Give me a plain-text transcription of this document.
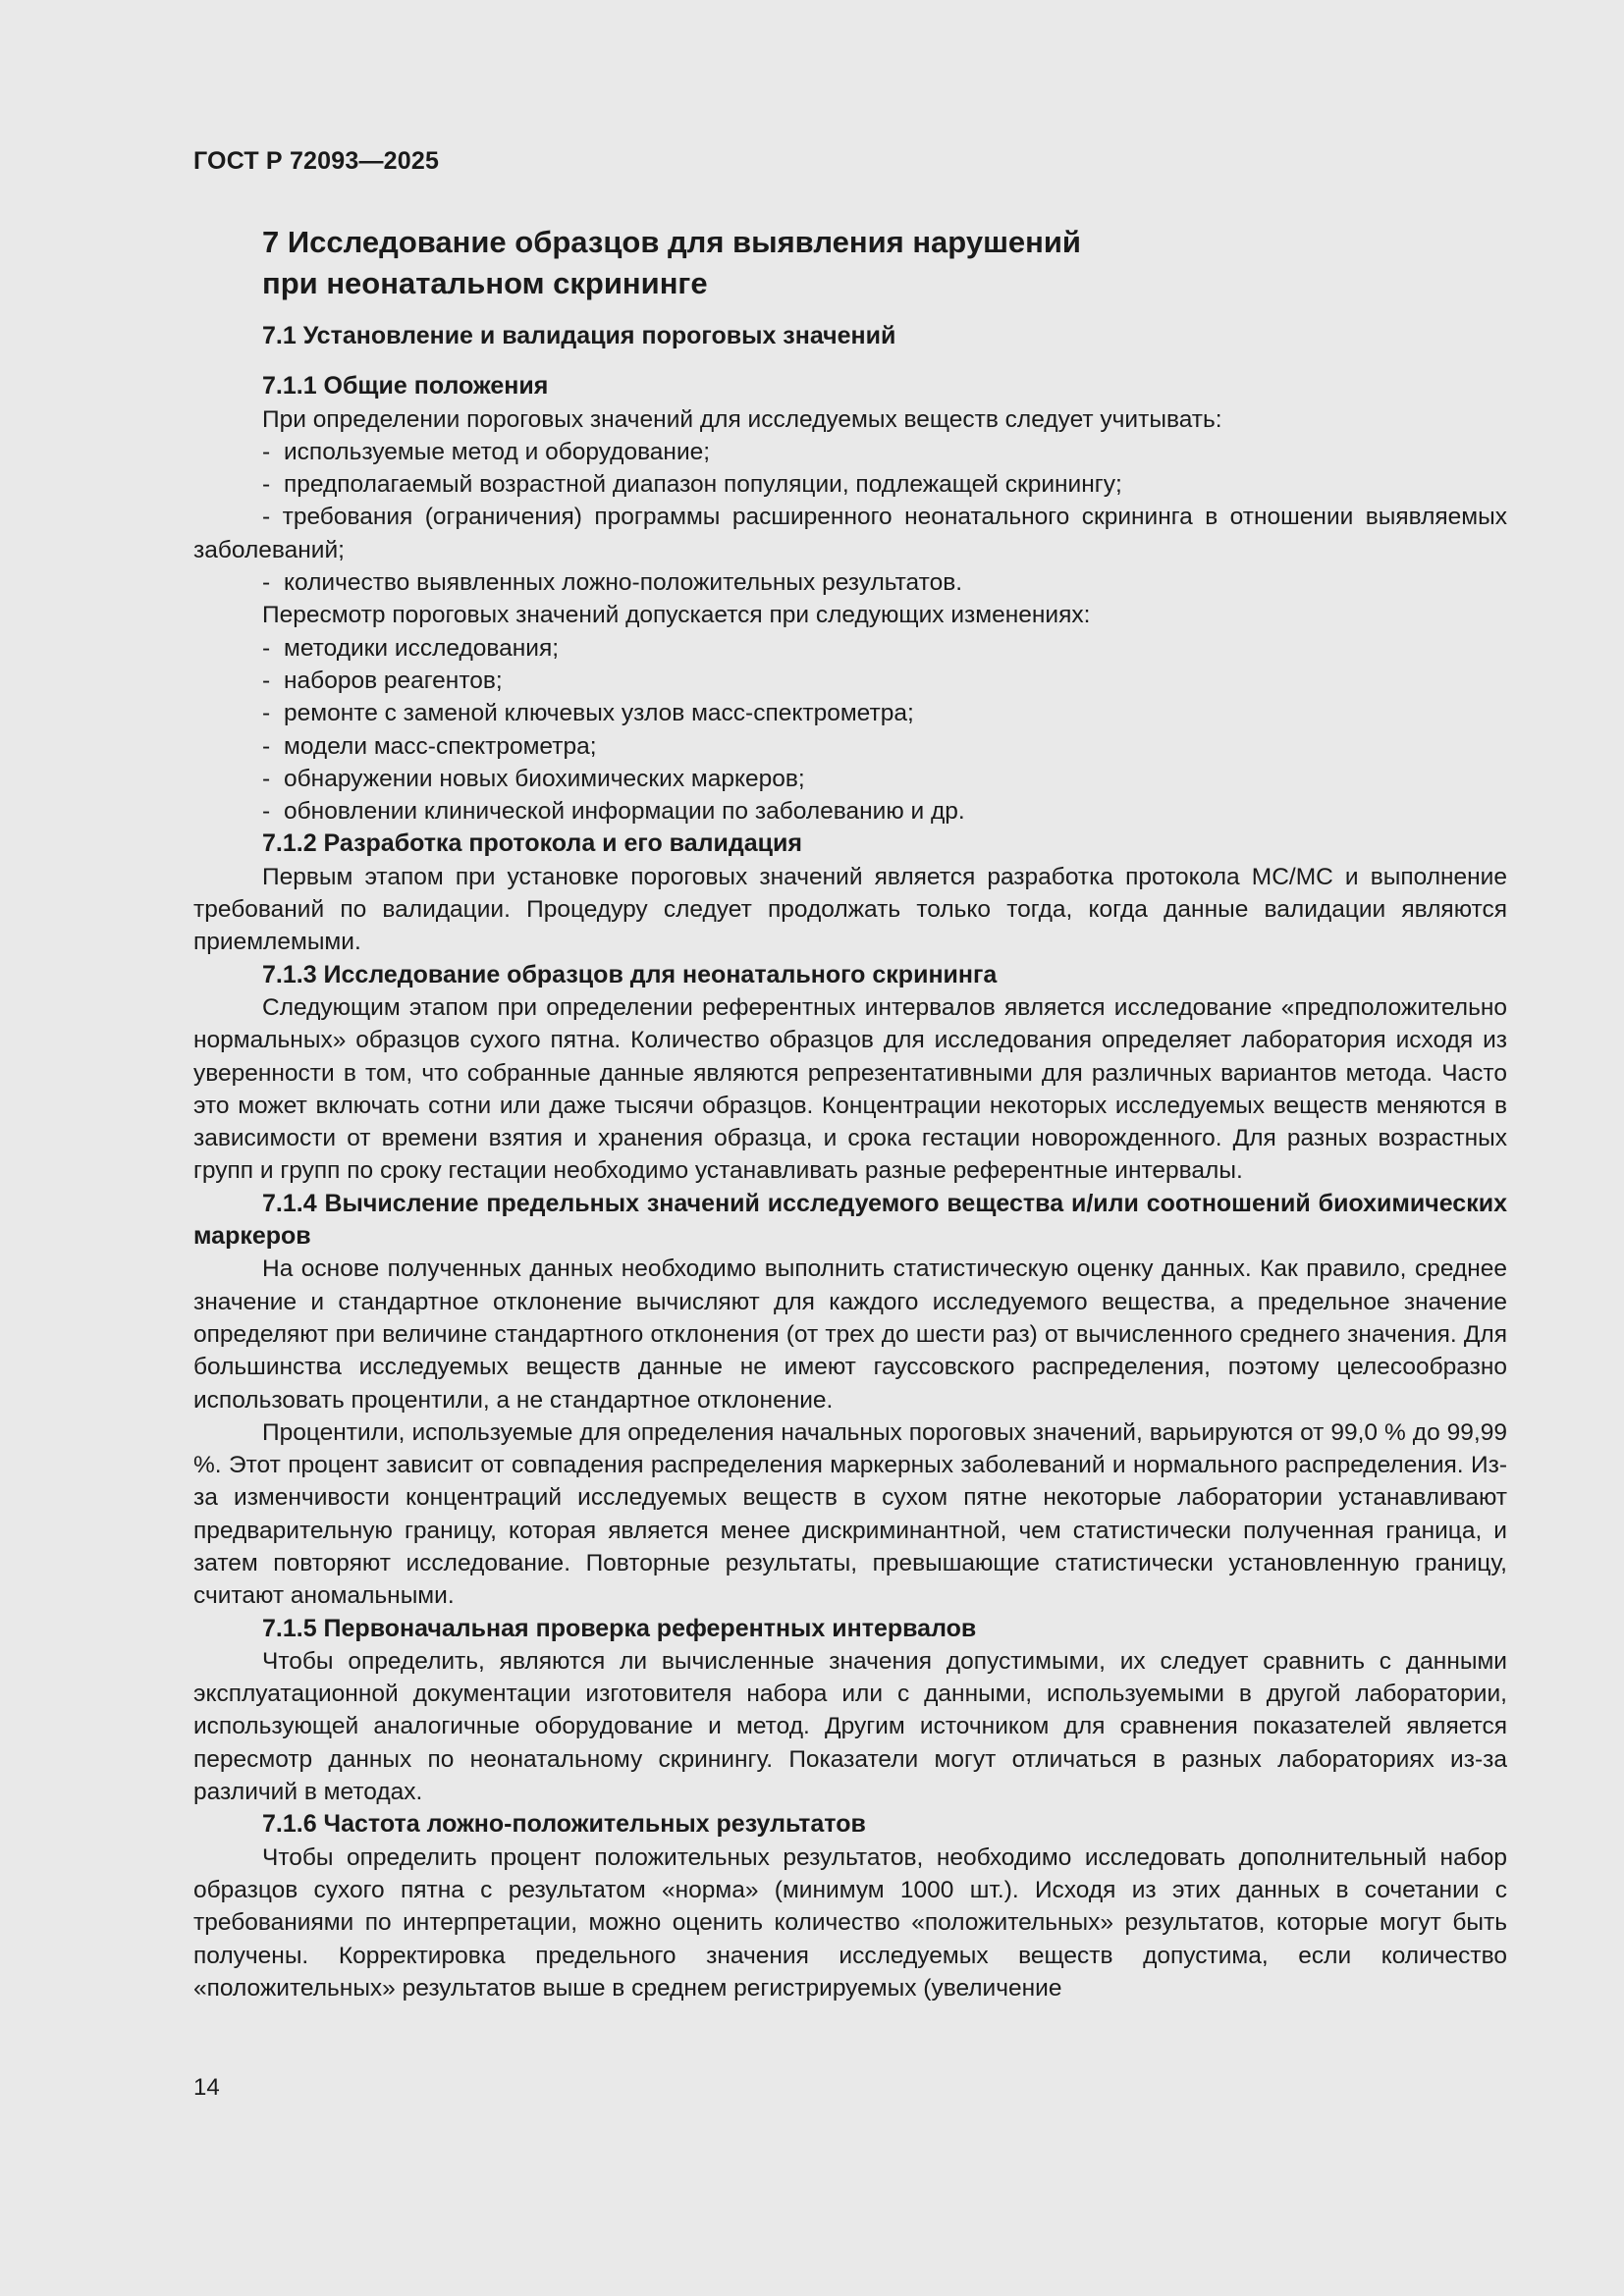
ГОСТ Р 72093—2025
7 Исследование образцов для выявления нарушений
при неонатальном скрининге
7.1 Установление и валидация пороговых значений
7.1.1 Общие положения

При определении пороговых значений для исследуемых веществ следует учитывать:

- используемые метод и оборудование;
- предполагаемый возрастной диапазон популяции, подлежащей скринингу;

- требования (ограничения) программы расширенного неонатального скрининга в отношении выявляемых заболеваний;

- количество выявленных ложно-положительных результатов.

Пересмотр пороговых значений допускается при следующих изменениях:

- методики исследования;
- наборов реагентов;
- ремонте с заменой ключевых узлов масс-спектрометра;
- модели масс-спектрометра;
- обнаружении новых биохимических маркеров;
- обновлении клинической информации по заболеванию и др.
7.1.2 Разработка протокола и его валидация

Первым этапом при установке пороговых значений является разработка протокола МС/МС и выполнение требований по валидации. Процедуру следует продолжать только тогда, когда данные валидации являются приемлемыми.

7.1.3 Исследование образцов для неонатального скрининга

Следующим этапом при определении референтных интервалов является исследование «предположительно нормальных» образцов сухого пятна. Количество образцов для исследования определяет лаборатория исходя из уверенности в том, что собранные данные являются репрезентативными для различных вариантов метода. Часто это может включать сотни или даже тысячи образцов. Концентрации некоторых исследуемых веществ меняются в зависимости от времени взятия и хранения образца, и срока гестации новорожденного. Для разных возрастных групп и групп по сроку гестации необходимо устанавливать разные референтные интервалы.

7.1.4 Вычисление предельных значений исследуемого вещества и/или соотношений биохимических маркеров

На основе полученных данных необходимо выполнить статистическую оценку данных. Как правило, среднее значение и стандартное отклонение вычисляют для каждого исследуемого вещества, а предельное значение определяют при величине стандартного отклонения (от трех до шести раз) от вычисленного среднего значения. Для большинства исследуемых веществ данные не имеют гауссовского распределения, поэтому целесообразно использовать процентили, а не стандартное отклонение.

Процентили, используемые для определения начальных пороговых значений, варьируются от 99,0 % до 99,99 %. Этот процент зависит от совпадения распределения маркерных заболеваний и нормального распределения. Из-за изменчивости концентраций исследуемых веществ в сухом пятне некоторые лаборатории устанавливают предварительную границу, которая является менее дискриминантной, чем статистически полученная граница, и затем повторяют исследование. Повторные результаты, превышающие статистически установленную границу, считают аномальными.

7.1.5 Первоначальная проверка референтных интервалов

Чтобы определить, являются ли вычисленные значения допустимыми, их следует сравнить с данными эксплуатационной документации изготовителя набора или с данными, используемыми в другой лаборатории, использующей аналогичные оборудование и метод. Другим источником для сравнения показателей является пересмотр данных по неонатальному скринингу. Показатели могут отличаться в разных лабораториях из-за различий в методах.

7.1.6 Частота ложно-положительных результатов

Чтобы определить процент положительных результатов, необходимо исследовать дополнительный набор образцов сухого пятна с результатом «норма» (минимум 1000 шт.). Исходя из этих данных в сочетании с требованиями по интерпретации, можно оценить количество «положительных» результатов, которые могут быть получены. Корректировка предельного значения исследуемых веществ допустима, если количество «положительных» результатов выше в среднем регистрируемых (увеличение

14
